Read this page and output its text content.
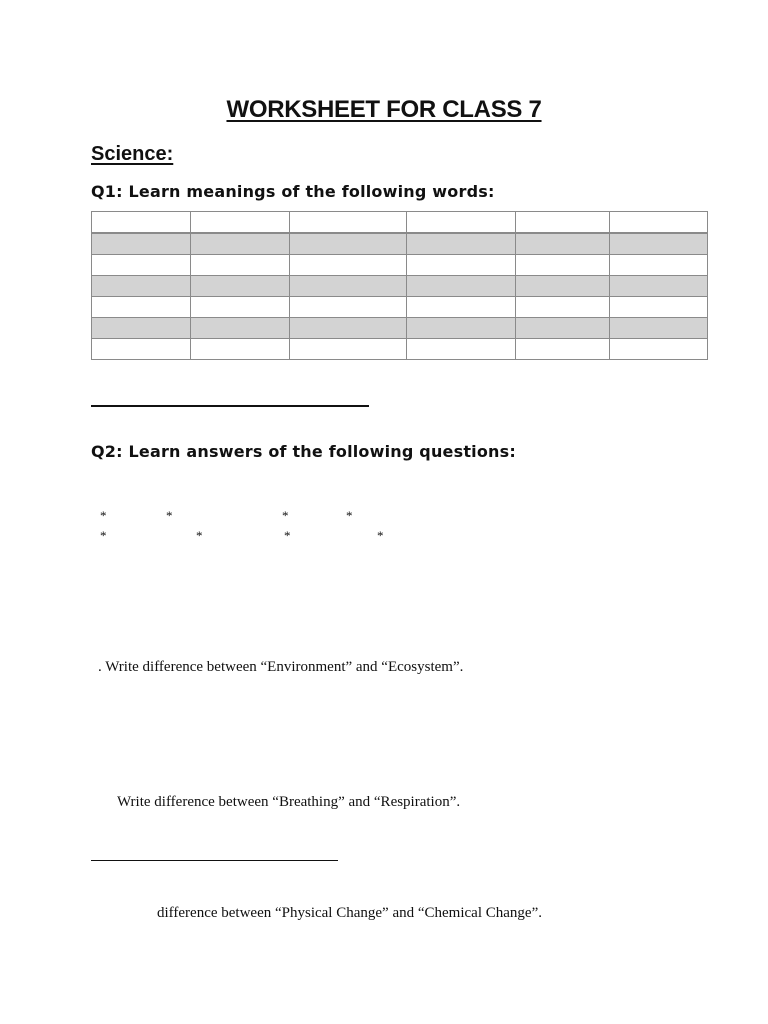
WORKSHEET FOR CLASS 7
Science:

Q1: Learn meanings of the following words:

Q2: Learn answers of the following questions:

*	*	*	*
*	*	*	*

. Write difference between “Environment” and “Ecosystem”.

Write difference between “Breathing” and “Respiration”.

difference between “Physical Change” and “Chemical Change”.
